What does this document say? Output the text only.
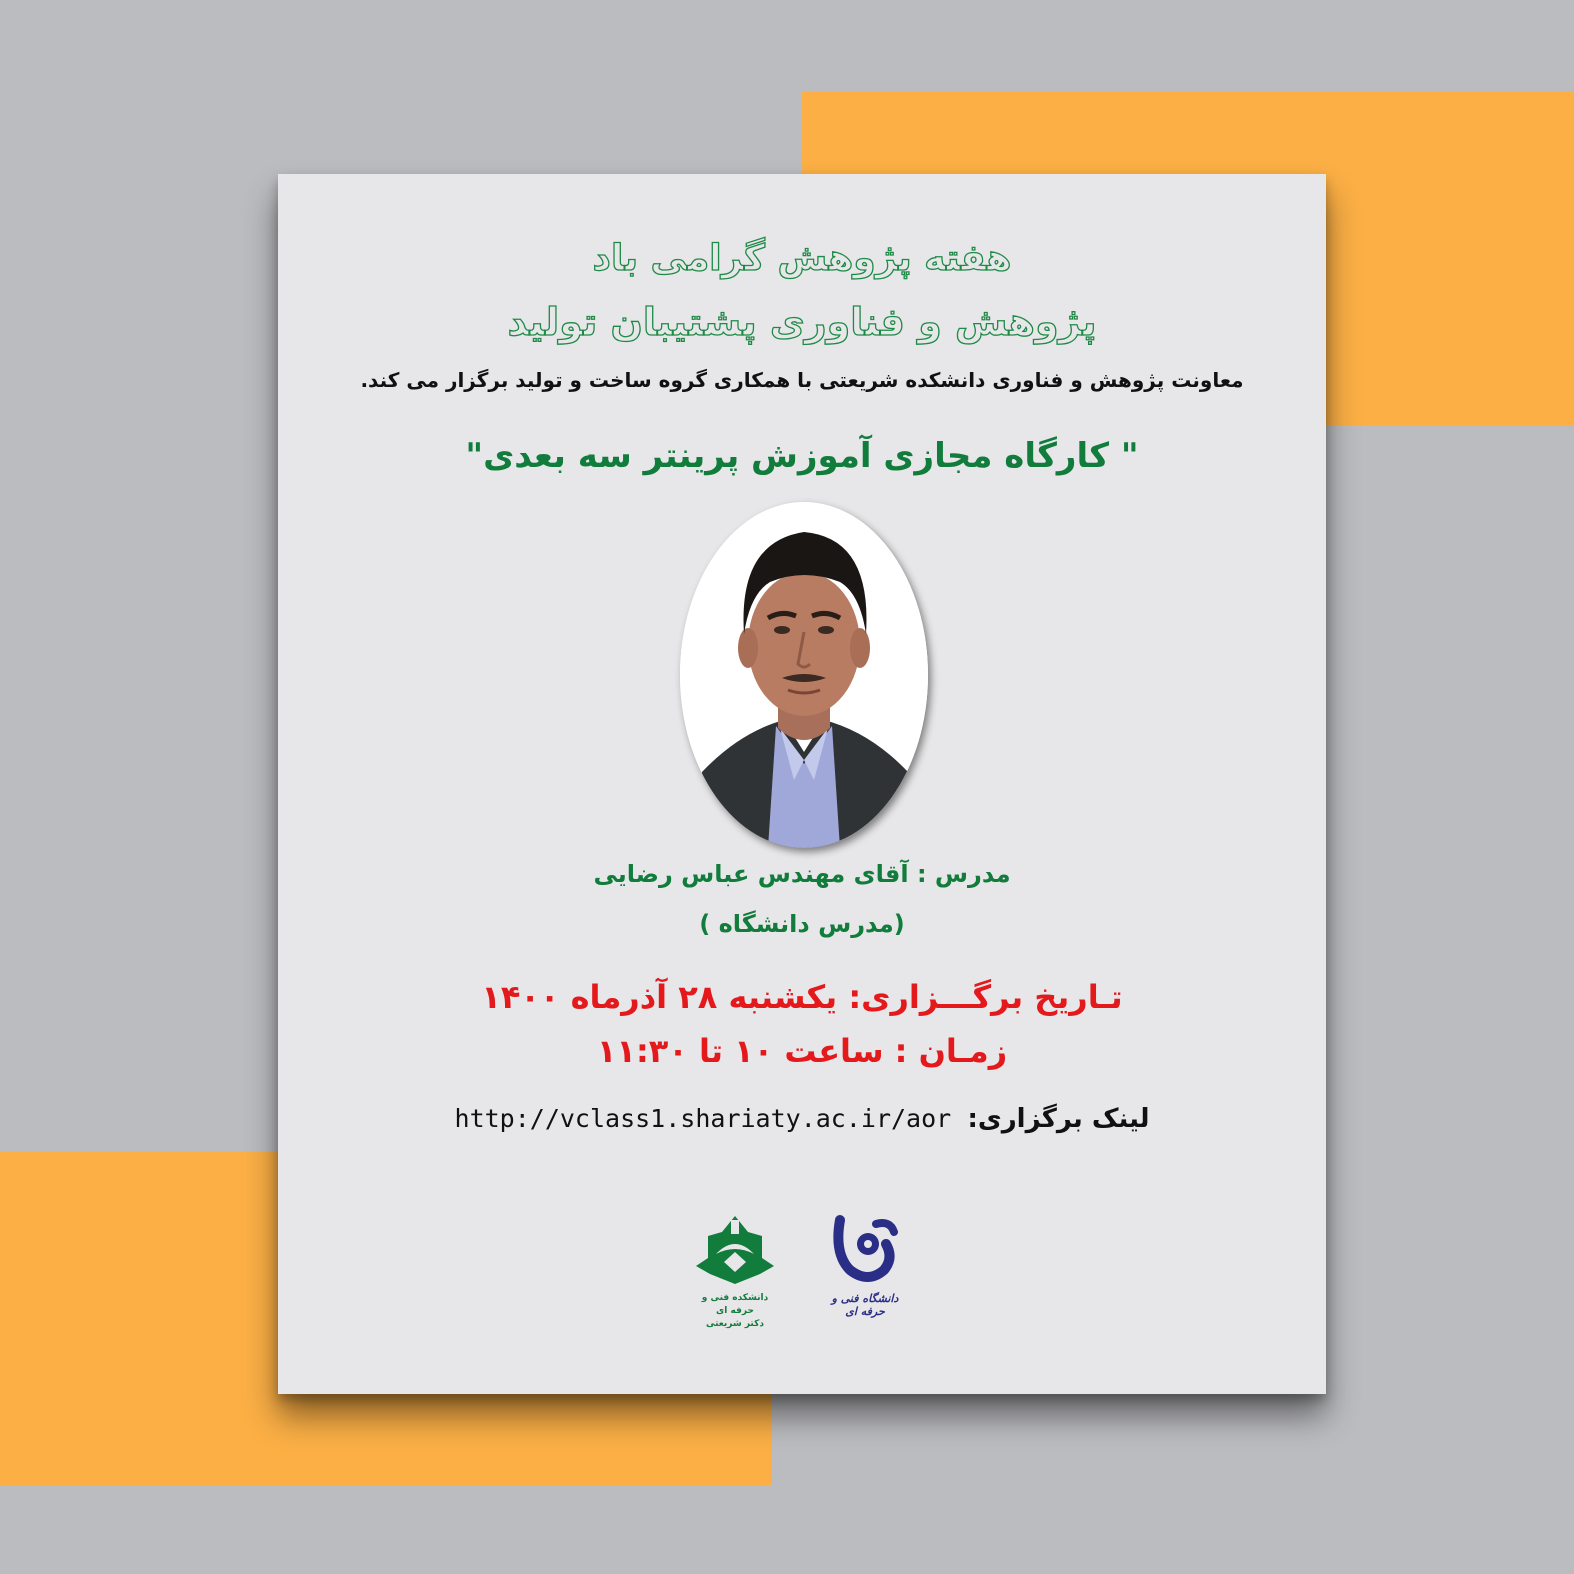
هفته پژوهش گرامی باد
پژوهش و فناوری پشتیبان تولید
معاونت پژوهش و فناوری دانشکده شریعتی با همکاری گروه ساخت و تولید برگزار می کند.
" کارگاه مجازی آموزش پرینتر سه بعدی"
مدرس : آقای مهندس عباس رضایی
(مدرس دانشگاه )
تـاریخ برگـــزاری: یکشنبه ۲۸ آذرماه ۱۴۰۰
زمـان : ساعت ۱۰ تا ۱۱:۳۰
لینک برگزاری: http://vclass1.shariaty.ac.ir/aor
دانشکده فنی و حرفه ای
دکتر شریعتی
دانشگاه فنی و حرفه ای
